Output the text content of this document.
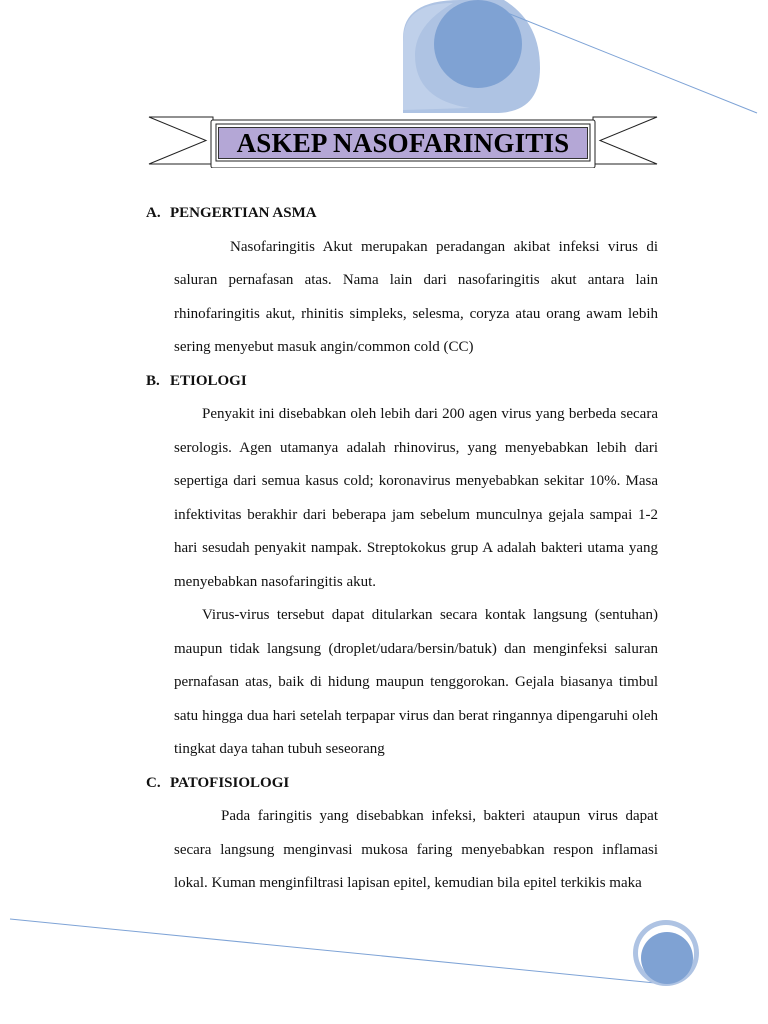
ASKEP NASOFARINGITIS
A. PENGERTIAN ASMA

Nasofaringitis Akut merupakan peradangan akibat infeksi virus di saluran pernafasan atas. Nama lain dari nasofaringitis akut antara lain rhinofaringitis akut, rhinitis simpleks, selesma, coryza atau orang awam lebih sering menyebut masuk angin/common cold (CC)

B. ETIOLOGI

Penyakit ini disebabkan oleh lebih dari 200 agen virus yang berbeda secara serologis. Agen utamanya adalah rhinovirus, yang menyebabkan lebih dari sepertiga dari semua kasus cold; koronavirus menyebabkan sekitar 10%. Masa infektivitas berakhir dari beberapa jam sebelum munculnya gejala sampai 1-2 hari sesudah penyakit nampak. Streptokokus grup A adalah bakteri utama yang menyebabkan nasofaringitis akut.

Virus-virus tersebut dapat ditularkan secara kontak langsung (sentuhan) maupun tidak langsung (droplet/udara/bersin/batuk) dan menginfeksi saluran pernafasan atas, baik di hidung maupun tenggorokan. Gejala biasanya timbul satu hingga dua hari setelah terpapar virus dan berat ringannya dipengaruhi oleh tingkat daya tahan tubuh seseorang

C. PATOFISIOLOGI

Pada faringitis yang disebabkan infeksi, bakteri ataupun virus dapat secara langsung menginvasi mukosa faring menyebabkan respon inflamasi lokal. Kuman menginfiltrasi lapisan epitel, kemudian bila epitel terkikis maka
